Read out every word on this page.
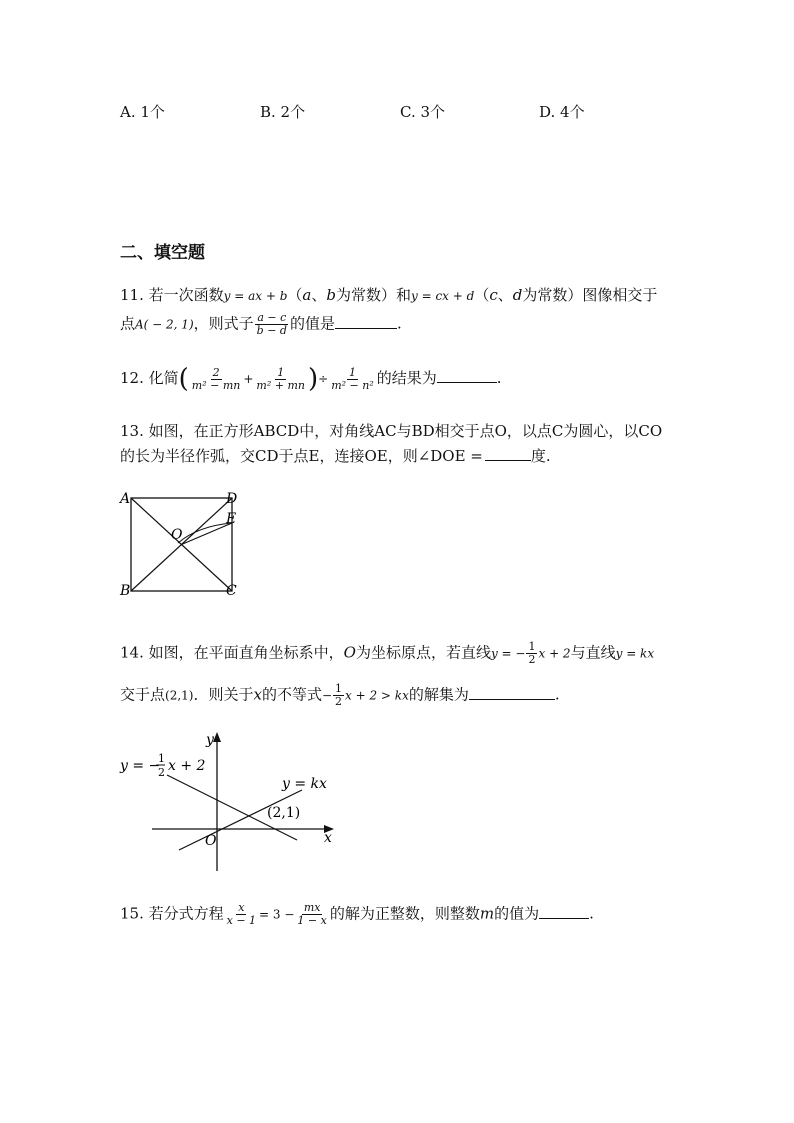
A. 1个	B. 2个	C. 3个	D. 4个
二、填空题
11. 若一次函数y = ax + b（a、b为常数）和y = cx + d（c、d为常数）图像相交于
点A( − 2, 1)，则式子 $\frac{a - c}{b - d}$ 的值是	.
12. 化简( $\frac{2}{\text{m² − mn}} + \frac{1}{\text{m² + mn}}$ )÷ $\frac{1}{\text{m² − n²}}$ 的结果为	.
13. 如图，在正方形ABCD中，对角线AC与BD相交于点O，以点C为圆心，以CO
的长为半径作弧，交CD于点E，连接OE，则∠DOE =	度.
A	D
E
O
B	C
14. 如图，在平面直角坐标系中，O为坐标原点，若直线y = − $\frac{1}{2}$ x + 2与直线y = kx
交于点(2,1)．则关于x的不等式− $\frac{1}{2}$ x + 2 > kx的解集为	.
y = −
1
2 x + 2
y = kx
(2,1)
x
y
O
15. 若分式方程 $\frac{x}{x - 1} = 3 - \frac{mx}{1 - x}$ 的解为正整数，则整数m的值为	.
